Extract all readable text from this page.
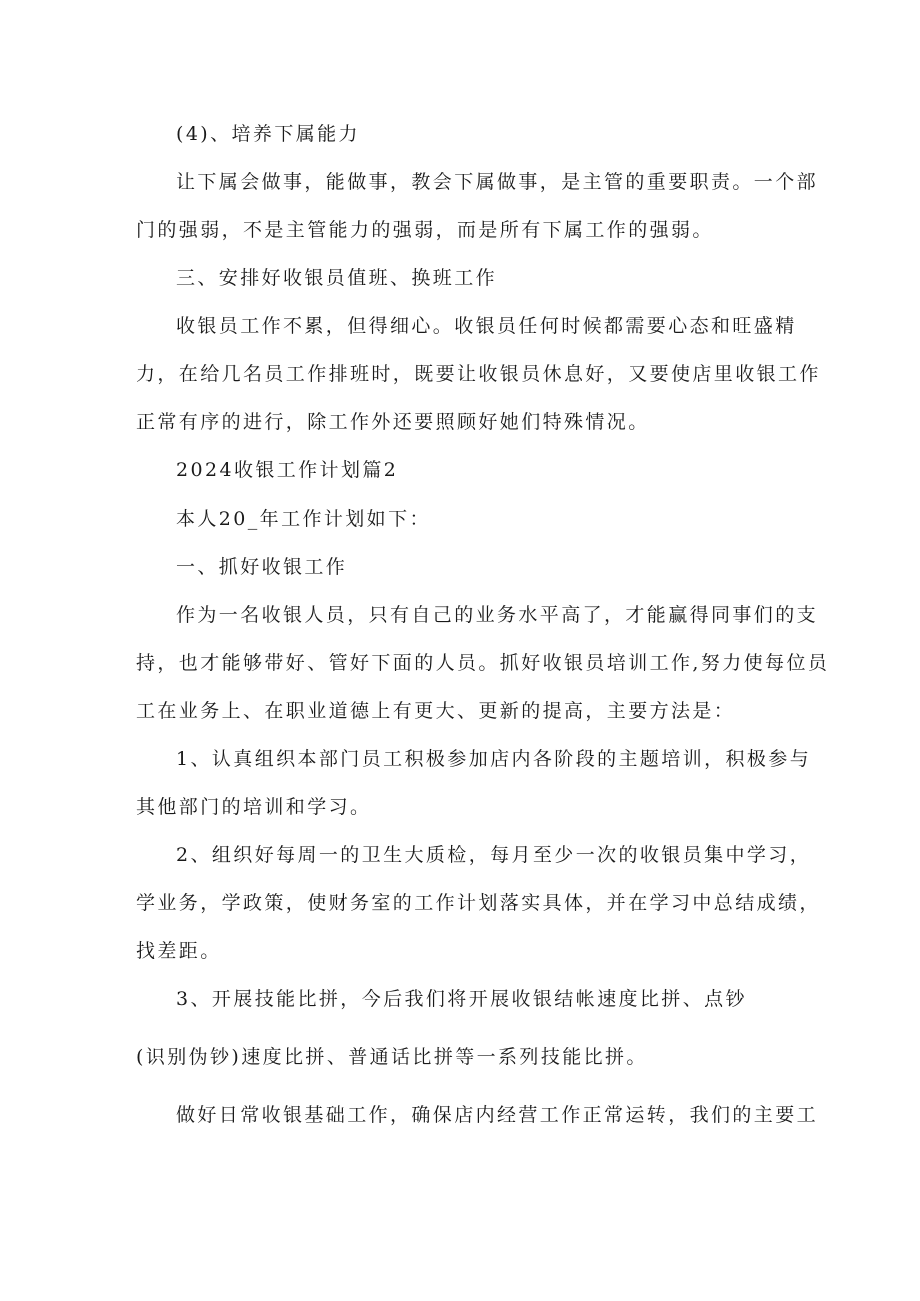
(4)、培养下属能力

让下属会做事，能做事，教会下属做事，是主管的重要职责。一个部

门的强弱，不是主管能力的强弱，而是所有下属工作的强弱。

三、安排好收银员值班、换班工作

收银员工作不累，但得细心。收银员任何时候都需要心态和旺盛精

力，在给几名员工作排班时，既要让收银员休息好，又要使店里收银工作

正常有序的进行，除工作外还要照顾好她们特殊情况。

2024收银工作计划篇2

本人20_年工作计划如下：

一、抓好收银工作

作为一名收银人员，只有自己的业务水平高了，才能赢得同事们的支

持，也才能够带好、管好下面的人员。抓好收银员培训工作,努力使每位员

工在业务上、在职业道德上有更大、更新的提高，主要方法是：

1、认真组织本部门员工积极参加店内各阶段的主题培训，积极参与

其他部门的培训和学习。

2、组织好每周一的卫生大质检，每月至少一次的收银员集中学习，

学业务，学政策，使财务室的工作计划落实具体，并在学习中总结成绩，

找差距。

3、开展技能比拼，今后我们将开展收银结帐速度比拼、点钞

(识别伪钞)速度比拼、普通话比拼等一系列技能比拼。

做好日常收银基础工作，确保店内经营工作正常运转，我们的主要工
